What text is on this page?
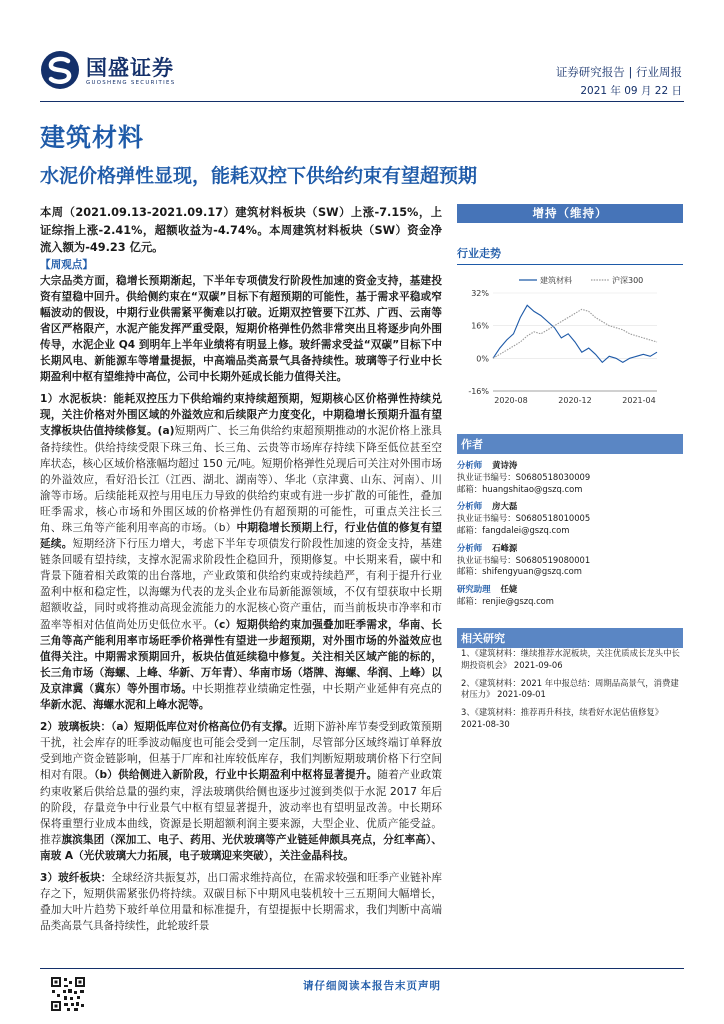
国盛证券
GUOSHENG SECURITIES
证券研究报告 | 行业周报
2021 年 09 月 22 日
建筑材料
水泥价格弹性显现，能耗双控下供给约束有望超预期

本周（2021.09.13-2021.09.17）建筑材料板块（SW）上涨-7.15%，上证综指上涨-2.41%，超额收益为-4.74%。本周建筑材料板块（SW）资金净流入额为-49.23 亿元。

【周观点】

大宗品类方面，稳增长预期渐起，下半年专项债发行阶段性加速的资金支持，基建投资有望稳中回升。供给侧约束在“双碳”目标下有超预期的可能性，基于需求平稳或窄幅波动的假设，中期行业供需紧平衡难以打破。近期双控管要下江苏、广西、云南等省区严格限产，水泥产能发挥严重受限，短期价格弹性仍然非常突出且将逐步向外围传导，水泥企业 Q4 到明年上半年业绩将有明显上修。玻纤需求受益“双碳”目标下中长期风电、新能源车等增量提振，中高端品类高景气具备持续性。玻璃等子行业中长期盈利中枢有望维持中高位，公司中长期外延成长能力值得关注。

1）水泥板块：能耗双控压力下供给端约束持续超预期，短期核心区价格弹性持续兑现，关注价格对外围区域的外溢效应和后续限产力度变化，中期稳增长预期升温有望支撑板块估值持续修复。(a)短期两广、长三角供给约束超预期推动的水泥价格上涨具备持续性。供给持续受限下珠三角、长三角、云贵等市场库存持续下降至低位甚至空库状态，核心区域价格涨幅均超过 150 元/吨。短期价格弹性兑现后可关注对外围市场的外溢效应，看好沿长江（江西、湖北、湖南等）、华北（京津冀、山东、河南）、川渝等市场。后续能耗双控与用电压力导致的供给约束或有进一步扩散的可能性，叠加旺季需求，核心市场和外围区域的价格弹性仍有超预期的可能性，可重点关注长三角、珠三角等产能利用率高的市场。（b）中期稳增长预期上行，行业估值的修复有望延续。短期经济下行压力增大，考虑下半年专项债发行阶段性加速的资金支持，基建链条回暖有望持续，支撑水泥需求阶段性企稳回升，预期修复。中长期来看，碳中和背景下随着相关政策的出台落地，产业政策和供给约束或持续趋严，有利于提升行业盈利中枢和稳定性，以海螺为代表的龙头企业布局新能源领域，不仅有望获取中长期超额收益，同时或将推动高现金流能力的水泥核心资产重估，而当前板块市净率和市盈率等相对估值尚处历史低位水平。（c）短期供给约束加强叠加旺季需求，华南、长三角等高产能利用率市场旺季价格弹性有望进一步超预期，对外围市场的外溢效应也值得关注。中期需求预期回升，板块估值延续稳中修复。关注相关区域产能的标的，长三角市场（海螺、上峰、华新、万年青）、华南市场（塔牌、海螺、华润、上峰）以及京津冀（冀东）等外围市场。中长期推荐业绩确定性强，中长期产业延伸有亮点的华新水泥、海螺水泥和上峰水泥等。

2）玻璃板块：（a）短期低库位对价格高位仍有支撑。近期下游补库节奏受到政策预期干扰，社会库存的旺季波动幅度也可能会受到一定压制，尽管部分区域终端订单释放受到地产资金链影响，但基于厂库和社库较低库存，我们判断短期玻璃价格下行空间相对有限。（b）供给侧进入新阶段，行业中长期盈利中枢将显著提升。随着产业政策约束收紧后供给总量的强约束，浮法玻璃供给侧也逐步过渡到类似于水泥 2017 年后的阶段，存量竞争中行业景气中枢有望显著提升，波动率也有望明显改善。中长期环保将重塑行业成本曲线，资源是长期超额利润主要来源，大型企业、优质产能受益。推荐旗滨集团（深加工、电子、药用、光伏玻璃等产业链延伸颇具亮点，分红率高）、南玻 A（光伏玻璃大力拓展，电子玻璃迎来突破），关注金晶科技。

3）玻纤板块：全球经济共振复苏，出口需求维持高位，在需求较强和旺季产业链补库存之下，短期供需紧张仍将持续。双碳目标下中期风电装机较十三五期间大幅增长，叠加大叶片趋势下玻纤单位用量和标准提升，有望提振中长期需求，我们判断中高端品类高景气具备持续性，此轮玻纤景

增持（维持）
行业走势
32%
16%
0%
-16%
2020-08	2020-12	2021-04
建筑材料	沪深300
作者
分析师 黄诗涛
执业证书编号：S0680518030009
邮箱：huangshitao@gszq.com
分析师 房大磊
执业证书编号：S0680518010005
邮箱：fangdalei@gszq.com
分析师 石峰源
执业证书编号：S0680519080001
邮箱：shifengyuan@gszq.com
研究助理 任婕
邮箱：renjie@gszq.com
相关研究
1、《建筑材料：继续推荐水泥板块，关注优质成长龙头中长期投资机会》 2021-09-06
2、《建筑材料：2021 年中报总结：周期品高景气，消费建材压力》 2021-09-01
3、《建筑材料：推荐再升科技，续看好水泥估值修复》 2021-08-30
请仔细阅读本报告末页声明
